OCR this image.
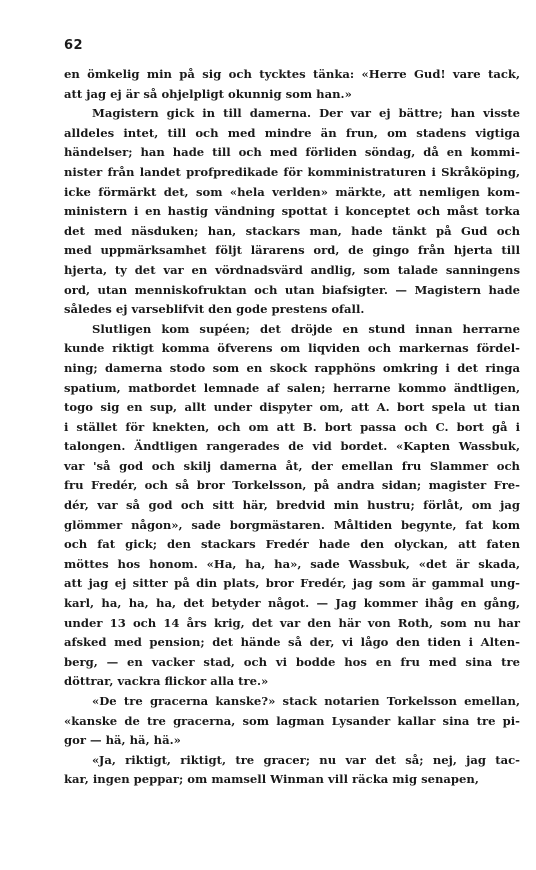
62

en ömkelig min på sig och tycktes tänka: «Herre Gud! vare tack,
att jag ej är så ohjelpligt okunnig som han.»

Magistern gick in till damerna. Der var ej bättre; han visste
alldeles intet, till och med mindre än frun, om stadens vigtiga
händelser; han hade till och med förliden söndag, då en kommi-
nister från landet profpredikade för komministraturen i Skråköping,
icke förmärkt det, som «hela verlden» märkte, att nemligen kom-
ministern i en hastig vändning spottat i konceptet och måst torka
det med näsduken; han, stackars man, hade tänkt på Gud och
med uppmärksamhet följt lärarens ord, de gingo från hjerta till
hjerta, ty det var en vördnadsvärd andlig, som talade sanningens
ord, utan menniskofruktan och utan biafsigter. — Magistern hade
således ej varseblifvit den gode prestens ofall.

Slutligen kom supéen; det dröjde en stund innan herrarne
kunde riktigt komma öfverens om liqviden och markernas fördel-
ning; damerna stodo som en skock rapphöns omkring i det ringa
spatium, matbordet lemnade af salen; herrarne kommo ändtligen,
togo sig en sup, allt under dispyter om, att A. bort spela ut tian
i stället för knekten, och om att B. bort passa och C. bort gå i
talongen. Ändtligen rangerades de vid bordet. «Kapten Wassbuk,
var 'så god och skilj damerna åt, der emellan fru Slammer och
fru Fredér, och så bror Torkelsson, på andra sidan; magister Fre-
dér, var så god och sitt här, bredvid min hustru; förlåt, om jag
glömmer någon», sade borgmästaren. Måltiden begynte, fat kom
och fat gick; den stackars Fredér hade den olyckan, att faten
möttes hos honom. «Ha, ha, ha», sade Wassbuk, «det är skada,
att jag ej sitter på din plats, bror Fredér, jag som är gammal ung-
karl, ha, ha, ha, det betyder något. — Jag kommer ihåg en gång,
under 13 och 14 års krig, det var den här von Roth, som nu har
afsked med pension; det hände så der, vi lågo den tiden i Alten-
berg, — en vacker stad, och vi bodde hos en fru med sina tre
döttrar, vackra flickor alla tre.»

«De tre gracerna kanske?» stack notarien Torkelsson emellan,
«kanske de tre gracerna, som lagman Lysander kallar sina tre pi-
gor — hä, hä, hä.»

«Ja, riktigt, riktigt, tre gracer; nu var det så; nej, jag tac-
kar, ingen peppar; om mamsell Winman vill räcka mig senapen,
